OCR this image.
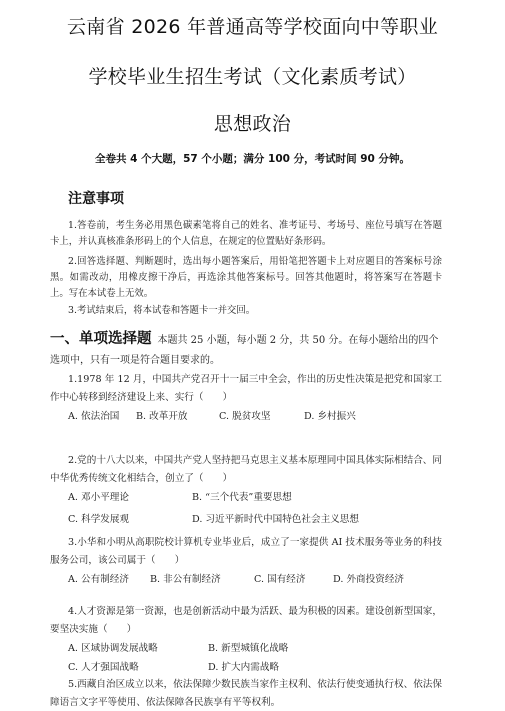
云南省 2026 年普通高等学校面向中等职业
学校毕业生招生考试（文化素质考试）
思想政治
全卷共 4 个大题，57 个小题；满分 100 分，考试时间 90 分钟。
注意事项
1.答卷前，考生务必用黑色碳素笔将自己的姓名、准考证号、考场号、座位号填写在答题卡上，并认真核准条形码上的个人信息，在规定的位置贴好条形码。
2.回答选择题、判断题时，选出每小题答案后，用铅笔把答题卡上对应题目的答案标号涂黑。如需改动，用橡皮擦干净后，再选涂其他答案标号。回答其他题时，将答案写在答题卡上。写在本试卷上无效。
3.考试结束后，将本试卷和答题卡一并交回。
一、单项选择题 本题共 25 小题，每小题 2 分，共 50 分。在每小题给出的四个选项中，只有一项是符合题目要求的。
1.1978 年 12 月，中国共产党召开十一届三中全会，作出的历史性决策是把党和国家工作中心转移到经济建设上来、实行（　　）
A. 依法治国 B. 改革开放	C. 脱贫攻坚	D. 乡村振兴
2.党的十八大以来，中国共产党人坚持把马克思主义基本原理同中国具体实际相结合、同中华优秀传统文化相结合，创立了（　　）
A. 邓小平理论	B. “三个代表”重要思想
C. 科学发展观	D. 习近平新时代中国特色社会主义思想
3.小华和小明从高职院校计算机专业毕业后，成立了一家提供 AI 技术服务等业务的科技服务公司，该公司属于（　　）
A. 公有制经济 B. 非公有制经济	C. 国有经济	D. 外商投资经济
4.人才资源是第一资源，也是创新活动中最为活跃、最为积极的因素。建设创新型国家，要坚决实施（　　）
A. 区域协调发展战略	B. 新型城镇化战略
C. 人才强国战略	D. 扩大内需战略
5.西藏自治区成立以来，依法保障少数民族当家作主权利、依法行使变通执行权、依法保障语言文字平等使用、依法保障各民族享有平等权利。
